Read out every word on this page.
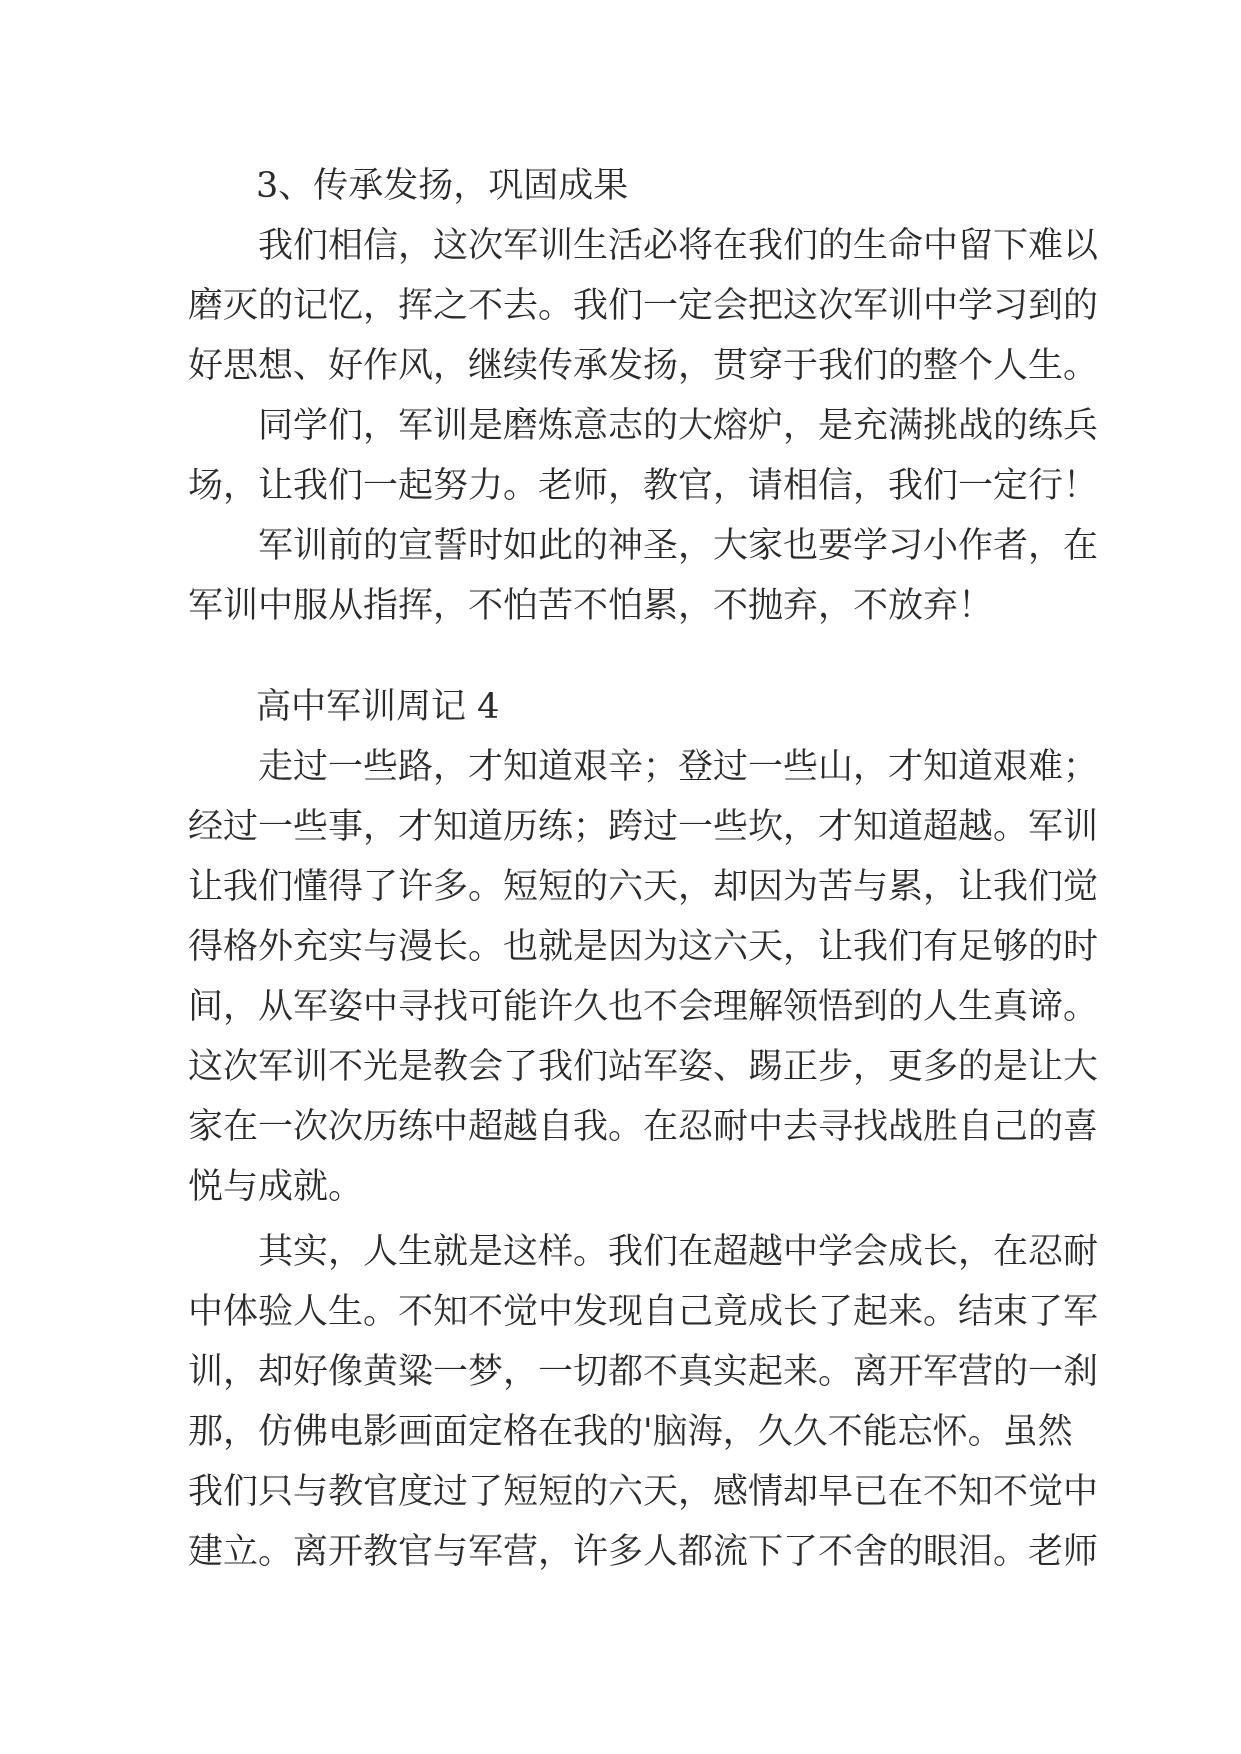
3、传承发扬，巩固成果
我们相信，这次军训生活必将在我们的生命中留下难以
磨灭的记忆，挥之不去。我们一定会把这次军训中学习到的
好思想、好作风，继续传承发扬，贯穿于我们的整个人生。
同学们，军训是磨炼意志的大熔炉，是充满挑战的练兵
场，让我们一起努力。老师，教官，请相信，我们一定行！
军训前的宣誓时如此的神圣，大家也要学习小作者，在
军训中服从指挥，不怕苦不怕累，不抛弃，不放弃！
高中军训周记 4
走过一些路，才知道艰辛；登过一些山，才知道艰难；
经过一些事，才知道历练；跨过一些坎，才知道超越。军训
让我们懂得了许多。短短的六天，却因为苦与累，让我们觉
得格外充实与漫长。也就是因为这六天，让我们有足够的时
间，从军姿中寻找可能许久也不会理解领悟到的人生真谛。
这次军训不光是教会了我们站军姿、踢正步，更多的是让大
家在一次次历练中超越自我。在忍耐中去寻找战胜自己的喜
悦与成就。
其实，人生就是这样。我们在超越中学会成长，在忍耐
中体验人生。不知不觉中发现自己竟成长了起来。结束了军
训，却好像黄粱一梦，一切都不真实起来。离开军营的一刹
那，仿佛电影画面定格在我的'脑海，久久不能忘怀。虽然
我们只与教官度过了短短的六天，感情却早已在不知不觉中
建立。离开教官与军营，许多人都流下了不舍的眼泪。老师
